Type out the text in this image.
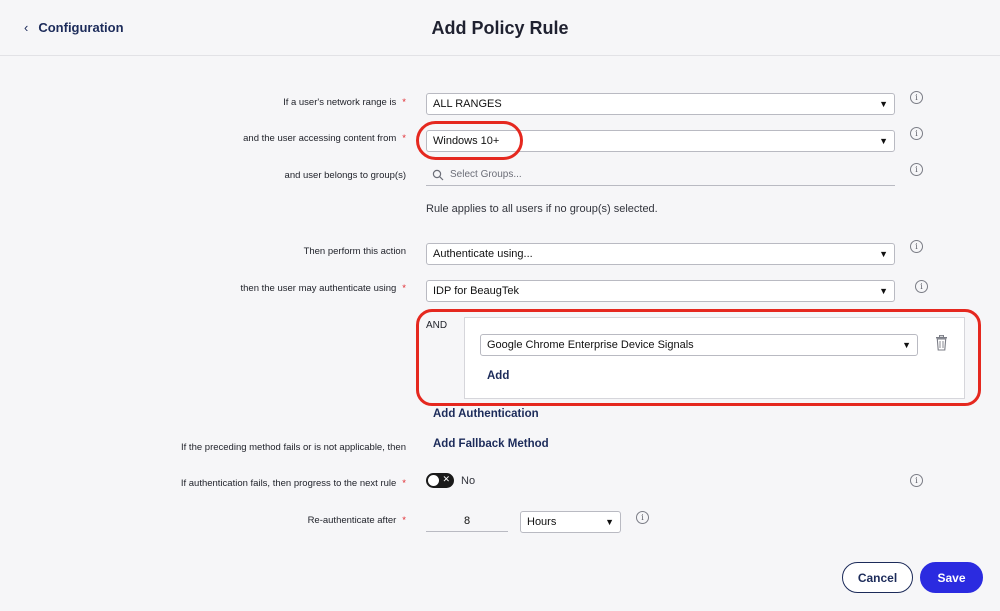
‹ Configuration	Add Policy Rule
If a user's network range is * ALL RANGES	▼
i
and the user accessing content from * Windows 10+	▼
i
and user belongs to group(s)	Select Groups...	i
Rule applies to all users if no group(s) selected.
Then perform this action Authenticate using...	▼
i
then the user may authenticate using * IDP for BeaugTek	▼	i
AND
Google Chrome Enterprise Device Signals	▼
Add
Add Authentication
If the preceding method fails or is not applicable, then Add Fallback Method
If authentication fails, then progress to the next rule *	✕ No	i
Re-authenticate after *	8	Hours	▼	i
Cancel	Save
